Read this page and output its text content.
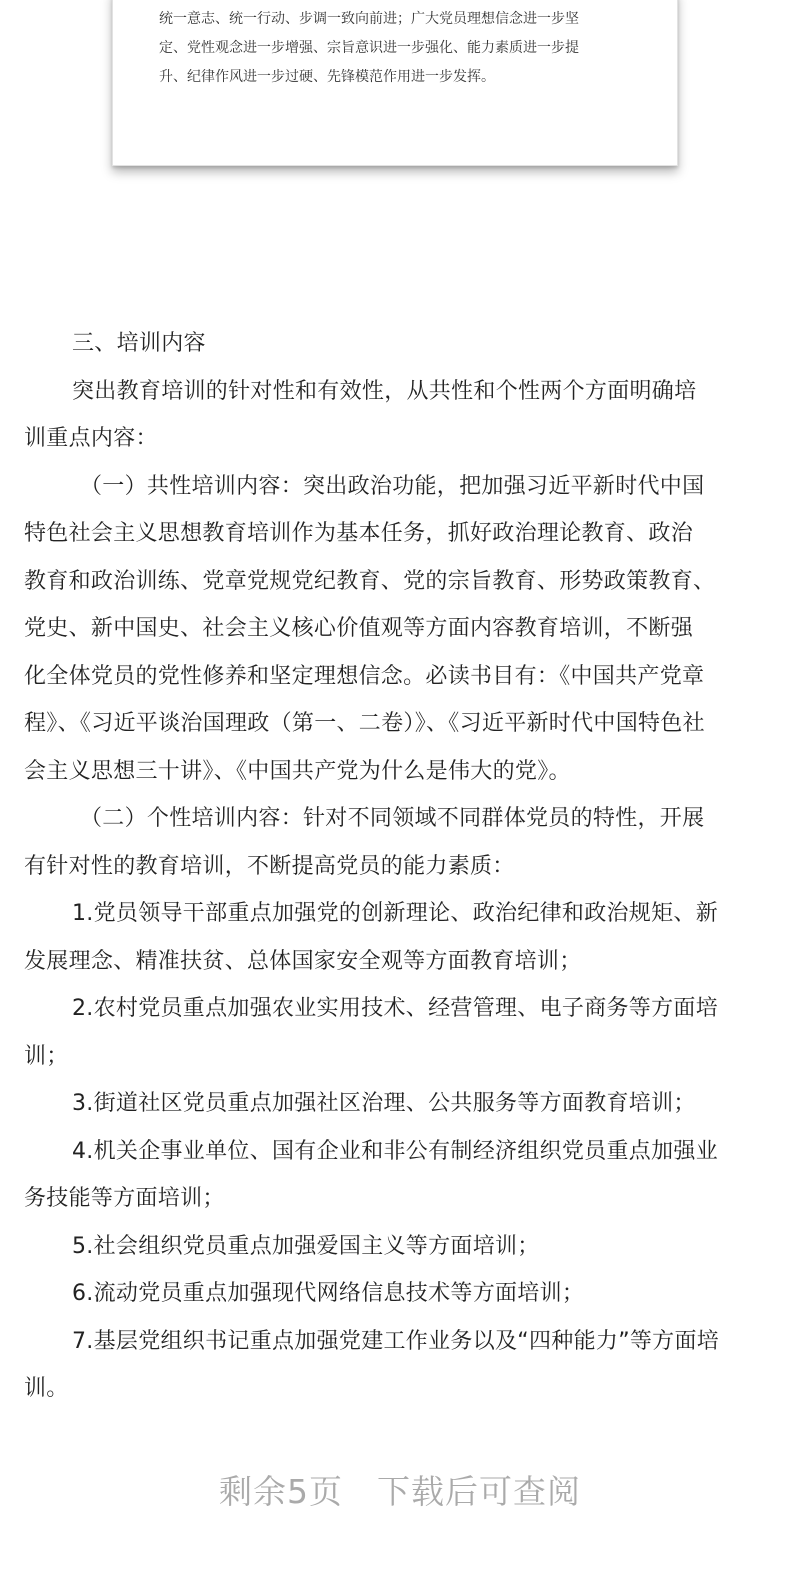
统一意志、统一行动、步调一致向前进；广大党员理想信念进一步坚
定、党性观念进一步增强、宗旨意识进一步强化、能力素质进一步提
升、纪律作风进一步过硬、先锋模范作用进一步发挥。

三、培训内容

突出教育培训的针对性和有效性，从共性和个性两个方面明确培
训重点内容：

（一）共性培训内容：突出政治功能，把加强习近平新时代中国
特色社会主义思想教育培训作为基本任务，抓好政治理论教育、政治
教育和政治训练、党章党规党纪教育、党的宗旨教育、形势政策教育、
党史、新中国史、社会主义核心价值观等方面内容教育培训，不断强
化全体党员的党性修养和坚定理想信念。必读书目有：《中国共产党章
程》、《习近平谈治国理政（第一、二卷）》、《习近平新时代中国特色社
会主义思想三十讲》、《中国共产党为什么是伟大的党》。

（二）个性培训内容：针对不同领域不同群体党员的特性，开展
有针对性的教育培训，不断提高党员的能力素质：

1.党员领导干部重点加强党的创新理论、政治纪律和政治规矩、新
发展理念、精准扶贫、总体国家安全观等方面教育培训；

2.农村党员重点加强农业实用技术、经营管理、电子商务等方面培
训；

3.街道社区党员重点加强社区治理、公共服务等方面教育培训；

4.机关企事业单位、国有企业和非公有制经济组织党员重点加强业
务技能等方面培训；

5.社会组织党员重点加强爱国主义等方面培训；

6.流动党员重点加强现代网络信息技术等方面培训；

7.基层党组织书记重点加强党建工作业务以及“四种能力”等方面培
训。

剩余5页 下载后可查阅
